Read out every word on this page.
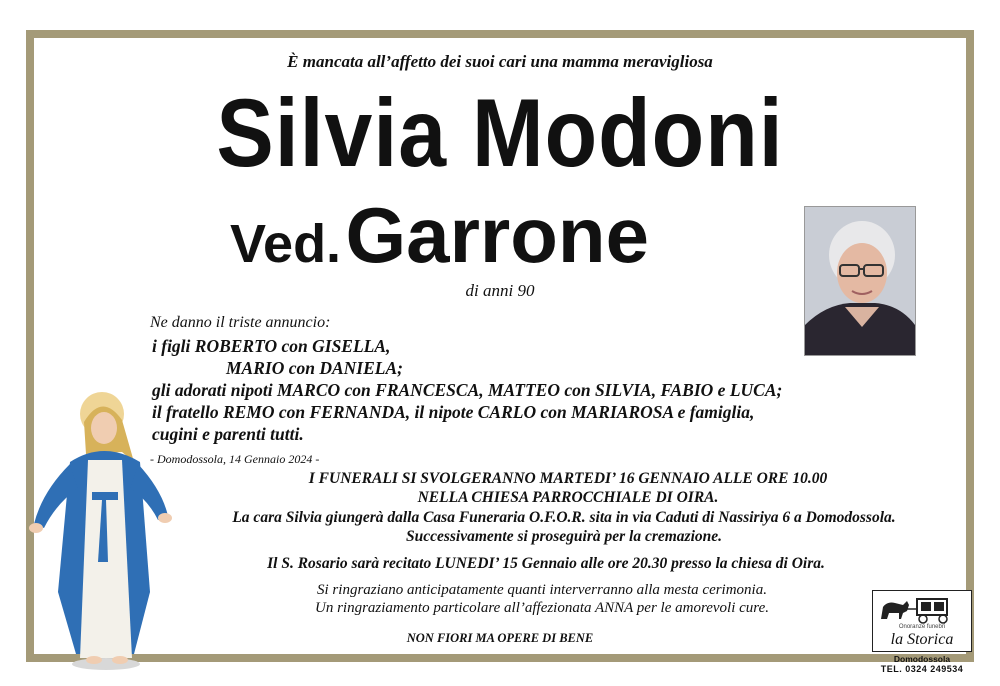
È mancata all’affetto dei suoi cari una mamma meravigliosa
Silvia Modoni
Ved. Garrone
di anni 90
Ne danno il triste annuncio:
i figli ROBERTO con GISELLA,
MARIO con DANIELA;
gli adorati nipoti MARCO con FRANCESCA, MATTEO con SILVIA, FABIO e LUCA;
il fratello REMO con FERNANDA, il nipote CARLO con MARIAROSA e famiglia,
cugini e parenti tutti.
- Domodossola, 14 Gennaio 2024 -
I FUNERALI SI SVOLGERANNO MARTEDI’ 16 GENNAIO ALLE ORE 10.00
NELLA CHIESA PARROCCHIALE DI OIRA.
La cara Silvia giungerà dalla Casa Funeraria O.F.O.R. sita in via Caduti di Nassiriya 6 a Domodossola.
Successivamente si proseguirà per la cremazione.
Il S. Rosario sarà recitato LUNEDI’ 15 Gennaio alle ore 20.30 presso la chiesa di Oira.
Si ringraziano anticipatamente quanti interverranno alla mesta cerimonia.
Un ringraziamento particolare all’affezionata ANNA per le amorevoli cure.
NON FIORI MA OPERE DI BENE
Onoranze funebri
la Storica
Domodossola
TEL. 0324 249534
